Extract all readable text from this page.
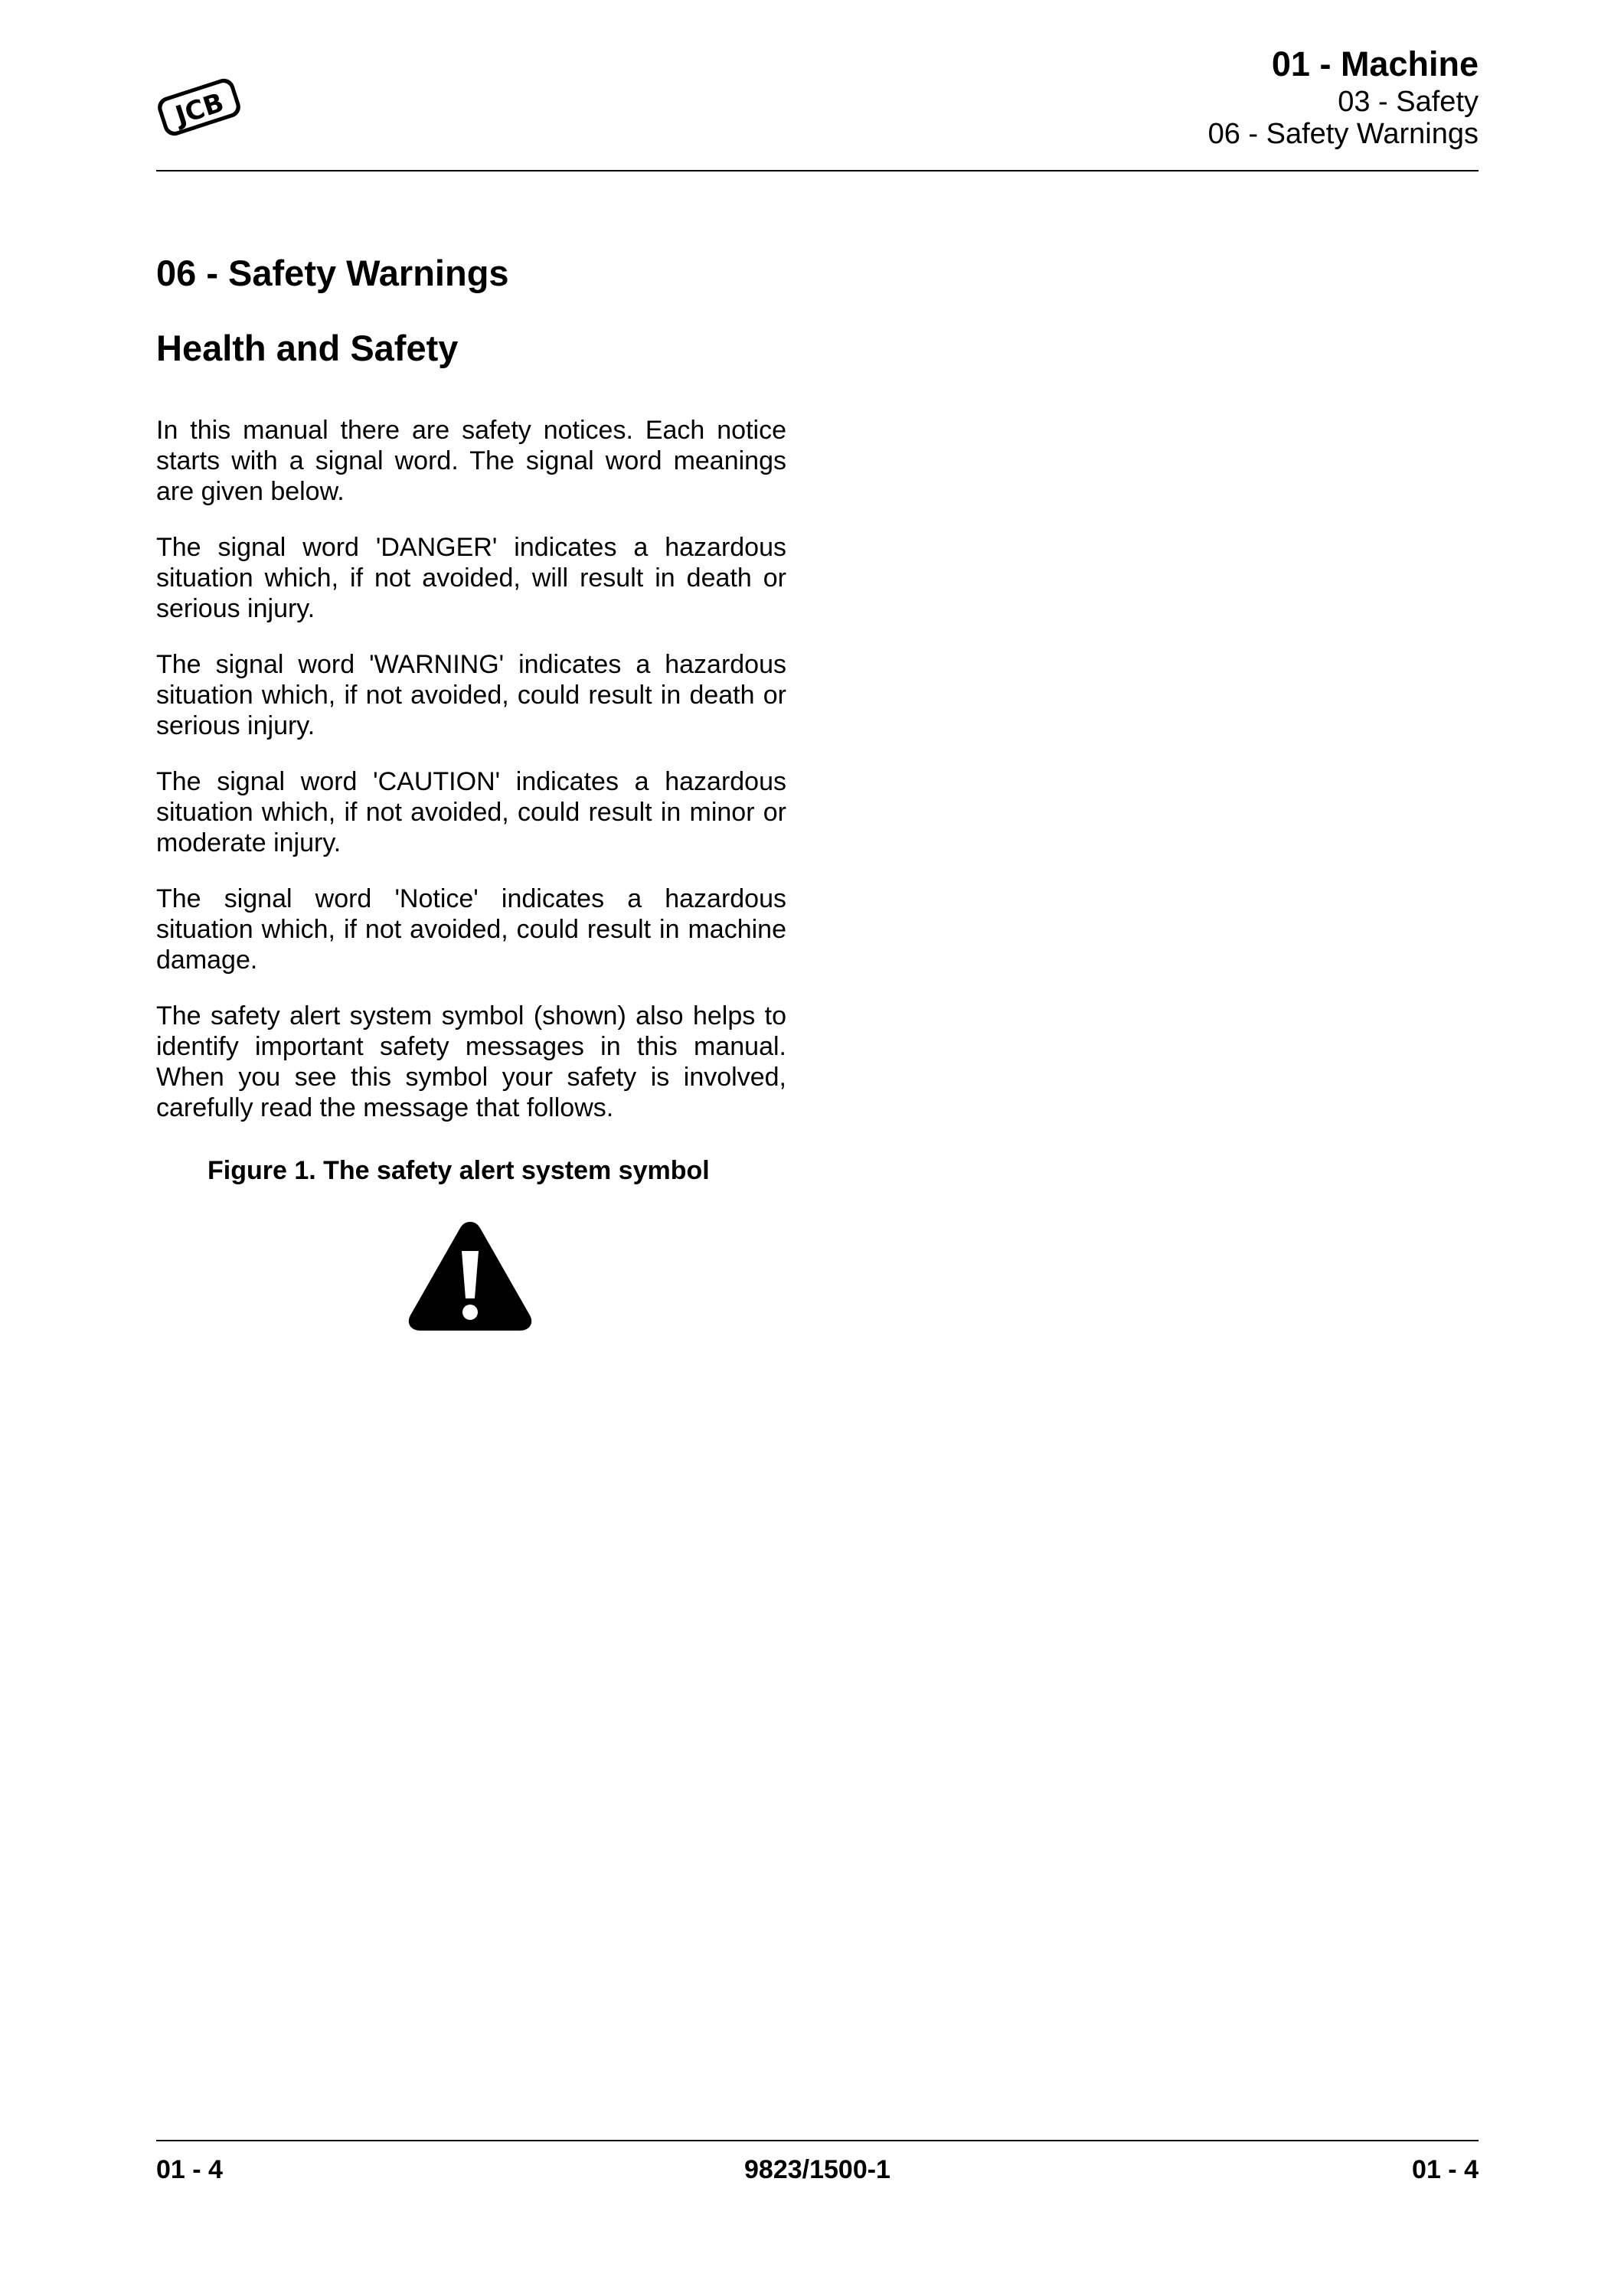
JCB
01 - Machine
03 - Safety
06 - Safety Warnings
06 - Safety Warnings
Health and Safety

In this manual there are safety notices. Each notice starts with a signal word. The signal word meanings are given below.

The signal word 'DANGER' indicates a hazardous situation which, if not avoided, will result in death or serious injury.

The signal word 'WARNING' indicates a hazardous situation which, if not avoided, could result in death or serious injury.

The signal word 'CAUTION' indicates a hazardous situation which, if not avoided, could result in minor or moderate injury.

The signal word 'Notice' indicates a hazardous situation which, if not avoided, could result in machine damage.

The safety alert system symbol (shown) also helps to identify important safety messages in this manual. When you see this symbol your safety is involved, carefully read the message that follows.

Figure 1. The safety alert system symbol
01 - 4	9823/1500-1	01 - 4
